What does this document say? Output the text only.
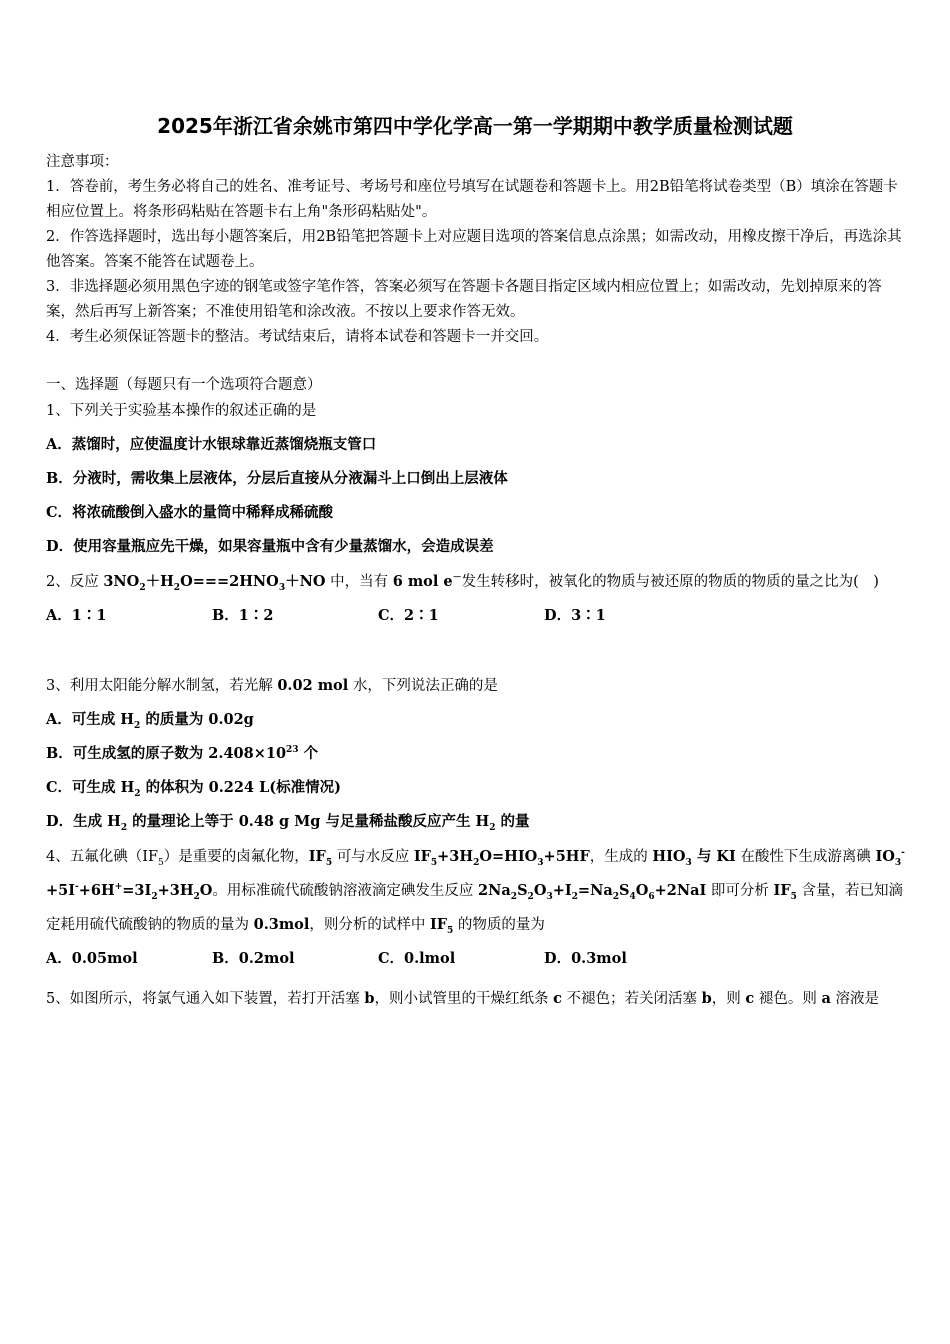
2025年浙江省余姚市第四中学化学高一第一学期期中教学质量检测试题

注意事项：

1．答卷前，考生务必将自己的姓名、准考证号、考场号和座位号填写在试题卷和答题卡上。用2B铅笔将试卷类型（B）填涂在答题卡相应位置上。将条形码粘贴在答题卡右上角"条形码粘贴处"。

2．作答选择题时，选出每小题答案后，用2B铅笔把答题卡上对应题目选项的答案信息点涂黑；如需改动，用橡皮擦干净后，再选涂其他答案。答案不能答在试题卷上。

3．非选择题必须用黑色字迹的钢笔或签字笔作答，答案必须写在答题卡各题目指定区域内相应位置上；如需改动，先划掉原来的答案，然后再写上新答案；不准使用铅笔和涂改液。不按以上要求作答无效。

4．考生必须保证答题卡的整洁。考试结束后，请将本试卷和答题卡一并交回。

一、选择题（每题只有一个选项符合题意）
1、下列关于实验基本操作的叙述正确的是
A．蒸馏时，应使温度计水银球靠近蒸馏烧瓶支管口
B．分液时，需收集上层液体，分层后直接从分液漏斗上口倒出上层液体
C．将浓硫酸倒入盛水的量筒中稀释成稀硫酸
D．使用容量瓶应先干燥，如果容量瓶中含有少量蒸馏水，会造成误差
2、反应 $3NO_2+H_2O===2HNO_3+NO$ 中，当有 6 mol e－发生转移时，被氧化的物质与被还原的物质的物质的量之比为(　)
A．1∶1	B．1∶2	C．2∶1	D．3∶1
3、利用太阳能分解水制氢，若光解 0.02 mol 水，下列说法正确的是
A．可生成 $H_2$ 的质量为 0.02g
B．可生成氢的原子数为 $2.408\times 10^{23}$ 个
C．可生成 $H_2$ 的体积为 0.224 L(标准情况)
D．生成 $H_2$ 的量理论上等于 0.48 g Mg 与足量稀盐酸反应产生 $H_2$ 的量
4、五氟化碘$(IF_5)$是重要的卤氟化物，$IF_5$ 可与水反应 $IF_5+3H_2O=HIO_3+5HF$，生成的 $HIO_3$ 与 KI 在酸性下生成游离碘 $IO_3^-+5I^-+6H^+=3I_2+3H_2O$。用标准硫代硫酸钠溶液滴定碘发生反应 $2Na_2S_2O_3+I_2=Na_2S_4O_6+2NaI$ 即可分析 $IF_5$ 含量，若已知滴定耗用硫代硫酸钠的物质的量为 0.3mol，则分析的试样中 $IF_5$ 的物质的量为
A．0.05mol	B．0.2mol	C．0.lmol	D．0.3mol
5、如图所示，将氯气通入如下装置，若打开活塞 b，则小试管里的干燥红纸条 c 不褪色；若关闭活塞 b，则 c 褪色。则 a 溶液是
